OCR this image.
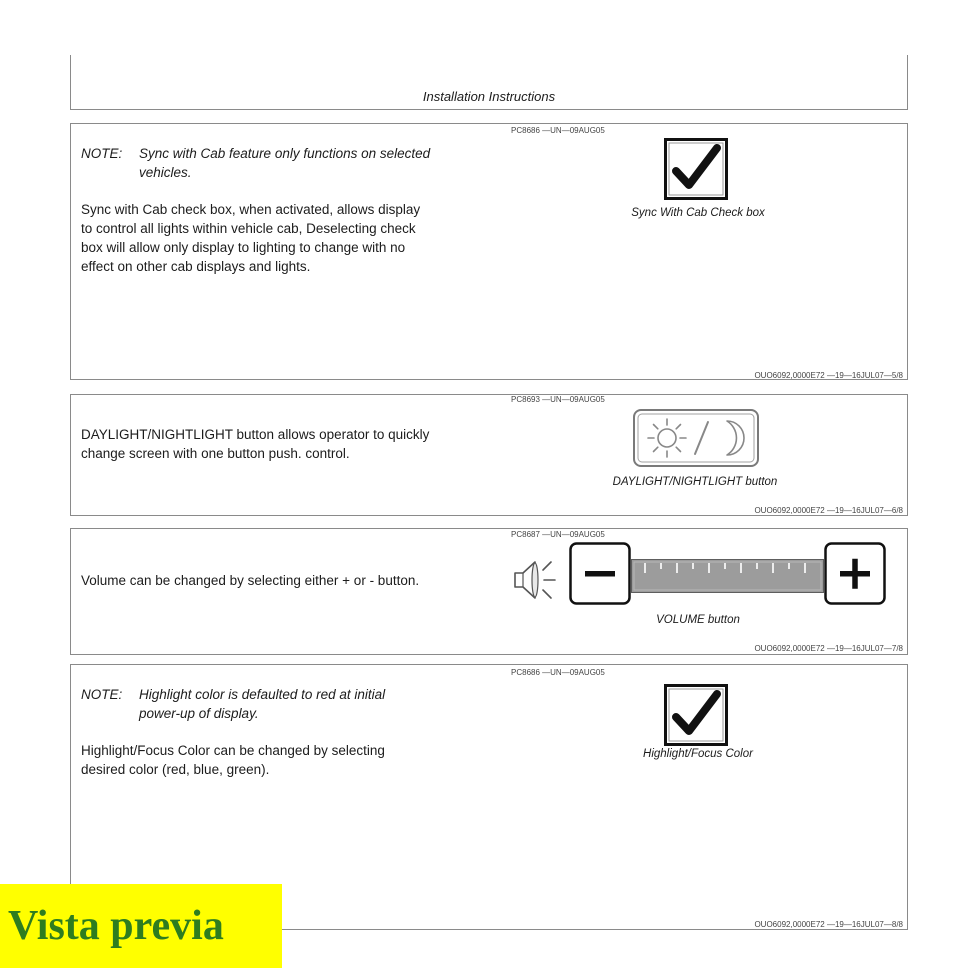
Installation Instructions
PC8686 —UN—09AUG05
NOTE: Sync with Cab feature only functions on selected
vehicles.
Sync with Cab check box, when activated, allows display
to control all lights within vehicle cab, Deselecting check
box will allow only display to lighting to change with no
effect on other cab displays and lights.
Sync With Cab Check box
OUO6092,0000E72 —19—16JUL07—5/8
PC8693 —UN—09AUG05
DAYLIGHT/NIGHTLIGHT button allows operator to quickly
change screen with one button push. control.
DAYLIGHT/NIGHTLIGHT button
OUO6092,0000E72 —19—16JUL07—6/8
PC8687 —UN—09AUG05
Volume can be changed by selecting either + or - button.
VOLUME button
OUO6092,0000E72 —19—16JUL07—7/8
PC8686 —UN—09AUG05
NOTE: Highlight color is defaulted to red at initial
power-up of display.
Highlight/Focus Color can be changed by selecting
desired color (red, blue, green).
Highlight/Focus Color
OUO6092,0000E72 —19—16JUL07—8/8
Vista previa
